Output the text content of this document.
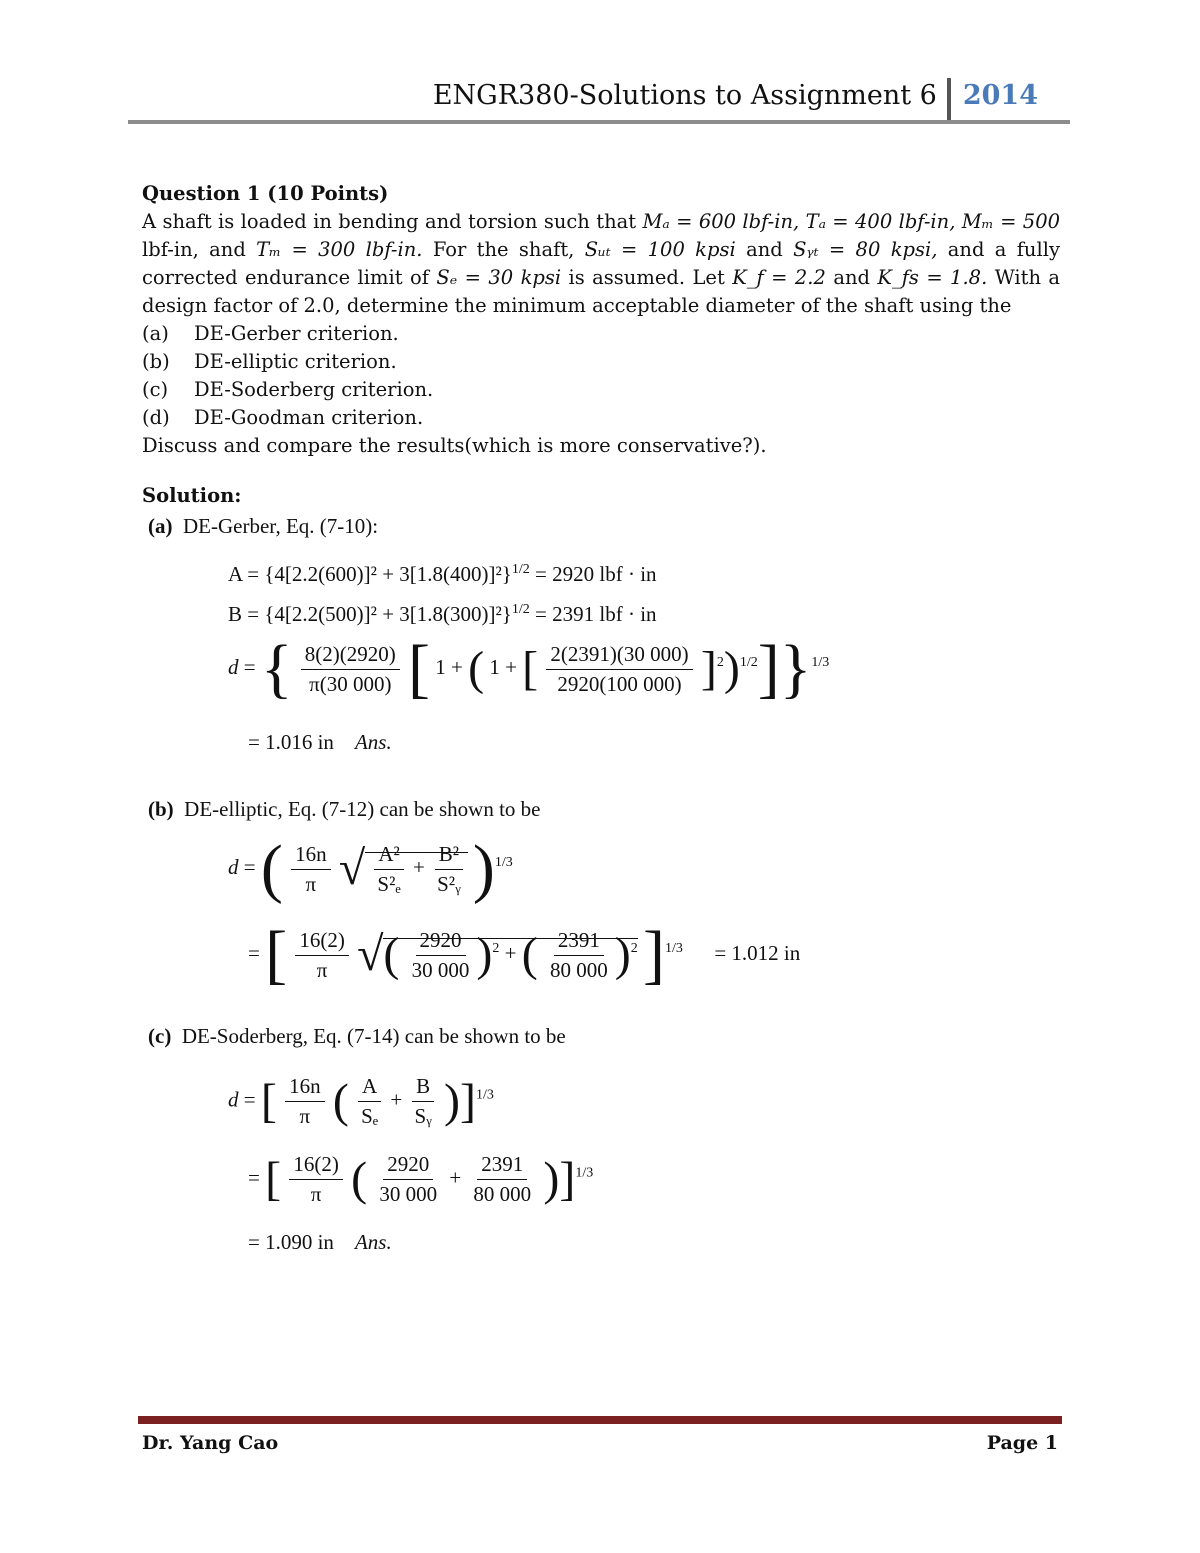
ENGR380-Solutions to Assignment 6 2014
Question 1 (10 Points)
A shaft is loaded in bending and torsion such that Mₐ = 600 lbf-in, Tₐ = 400 lbf-in, Mₘ = 500 lbf-in, and Tₘ = 300 lbf-in. For the shaft, Sᵤₜ = 100 kpsi and Sᵧₜ = 80 kpsi, and a fully corrected endurance limit of Sₑ = 30 kpsi is assumed. Let K_f = 2.2 and K_fs = 1.8. With a design factor of 2.0, determine the minimum acceptable diameter of the shaft using the
(a)	DE-Gerber criterion.
(b)	DE-elliptic criterion.
(c)	DE-Soderberg criterion.
(d)	DE-Goodman criterion.
Discuss and compare the results(which is more conservative?).
Solution:
(a) DE-Gerber, Eq. (7-10):
$A = \{4[2.2(600)]^2 + 3[1.8(400)]^2\}^{1/2} = 2920$ lbf · in
$B = \{4[2.2(500)]^2 + 3[1.8(300)]^2\}^{1/2} = 2391$ lbf · in
d = { $\frac{8(2)(2920)}{\pi(30 000)}$ [ 1 + ( 1 + [ $\frac{2(2391)(30 000)}{2920(100 000)} ]^2)^{1/2}]\}^{1/3}$
= 1.016 in Ans.
(b) DE-elliptic, Eq. (7-12) can be shown to be
d = ( $\frac{16n}{\pi}$ √ $\frac{\text{A²}}{\text{S²ₑ}} + \frac{\text{B²}}{\text{S²ᵧ}} )^{1/3}$
= [ $\frac{16(2)}{\pi}$ √( $\frac{2920}{30 000} )^2$ + ( $\frac{2391}{80 000} )^2$ ]$^{1/3}$ = 1.012 in
(c) DE-Soderberg, Eq. (7-14) can be shown to be
d = [ $\frac{16n}{\pi}$ ( $\frac{A}{\text{Sₑ}} + \frac{B}{\text{Sᵧ}} )]^{1/3}$
= [ $\frac{16(2)}{\pi}$ ( $\frac{2920}{30 000} + \frac{2391}{80 000} )]^{1/3}$
= 1.090 in Ans.
Dr. Yang Cao	Page 1
